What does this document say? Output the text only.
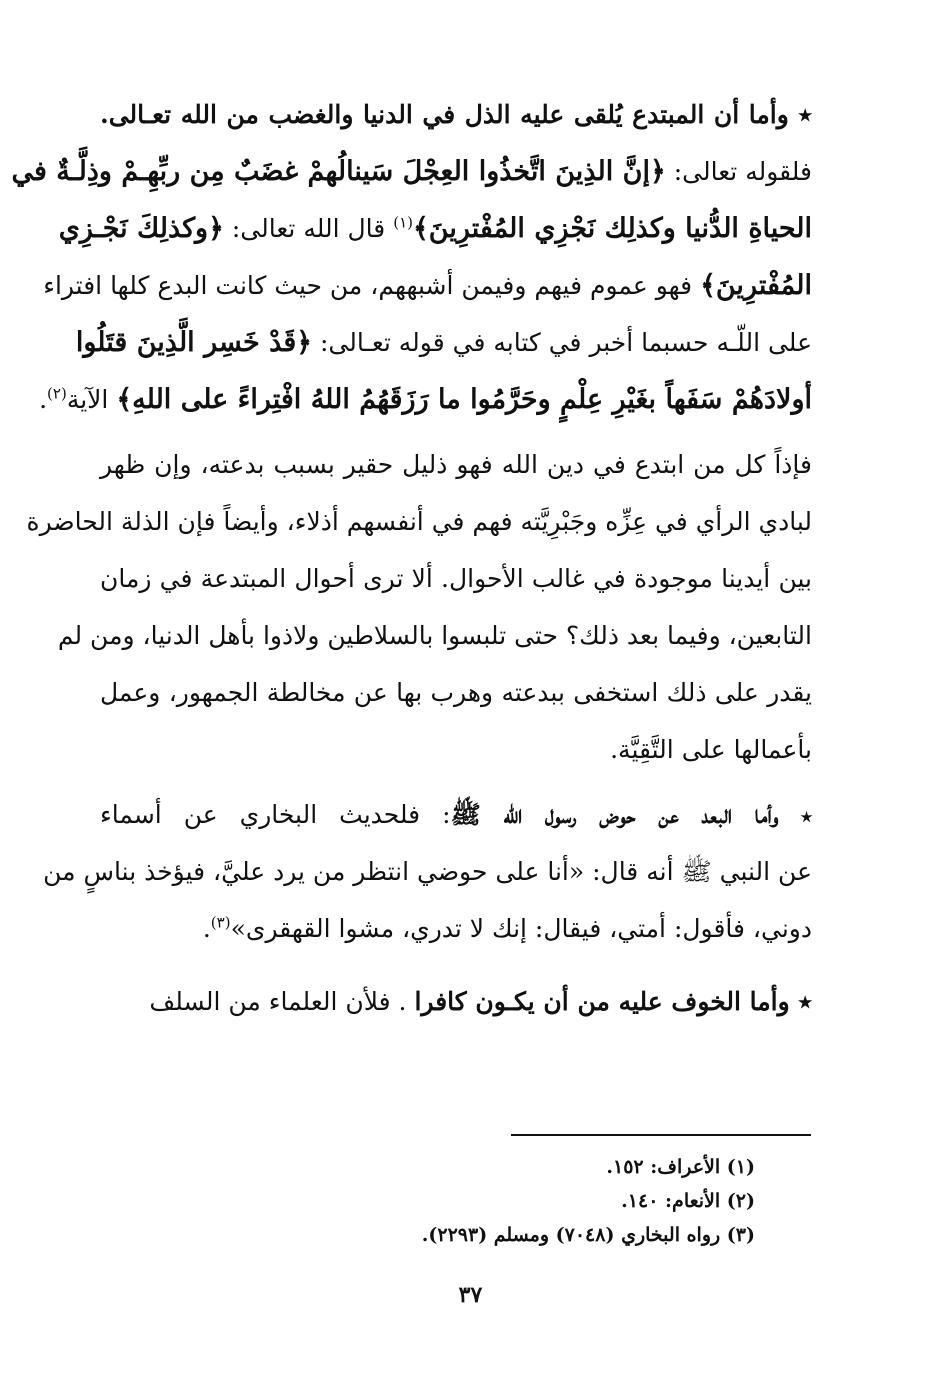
٭ وأما أن المبتدع يُلقى عليه الذل في الدنيا والغضب من الله تعـالى.
فلقوله تعالى: ﴿إنَّ الذِينَ اتَّخذُوا العِجْلَ سَينالُهمْ غضَبٌ مِن ربِّهِـمْ وذِلَّـةٌ في
الحياةِ الدُّنيا وكذلِك نَجْزِي المُفْترِينَ﴾$^{(١)}$ قال الله تعالى: ﴿وكذلِكَ نَجْـزِي
المُفْترِينَ﴾ فهو عموم فيهم وفيمن أشبههم، من حيث كانت البدع كلها افتراء
على اللّـه حسبما أخبر في كتابه في قوله تعـالى: ﴿قَدْ خَسِر الَّذِينَ قتَلُوا
أولادَهُمْ سَفَهاً بغَيْرِ عِلْمٍ وحَرَّمُوا ما رَزَقَهُمُ اللهُ افْتِراءً على اللهِ﴾ الآية$^{(٢)}$.
فإذاً كل من ابتدع في دين الله فهو ذليل حقير بسبب بدعته، وإن ظهر
لبادي الرأي في عِزِّه وجَبْرِيَّته فهم في أنفسهم أذلاء، وأيضاً فإن الذلة الحاضرة
بين أيدينا موجودة في غالب الأحوال. ألا ترى أحوال المبتدعة في زمان
التابعين، وفيما بعد ذلك؟ حتى تلبسوا بالسلاطين ولاذوا بأهل الدنيا، ومن لم
يقدر على ذلك استخفى ببدعته وهرب بها عن مخالطة الجمهور، وعمل
بأعمالها على التَّقِيَّة.
٭ وأما البعد عن حوض رسول الله ﷺ: فلحديث البخاري عن أسماء
عن النبي ﷺ أنه قال: «أنا على حوضي انتظر من يرد عليَّ، فيؤخذ بناسٍ من
دوني، فأقول: أمتي، فيقال: إنك لا تدري، مشوا القهقرى»$^{(٣)}$.
٭ وأما الخوف عليه من أن يكـون كافرا . فلأن العلماء من السلف
(١) الأعراف: ١٥٢.
(٢) الأنعام: ١٤٠.
(٣) رواه البخاري (٧٠٤٨) ومسلم (٢٢٩٣).
٣٧
